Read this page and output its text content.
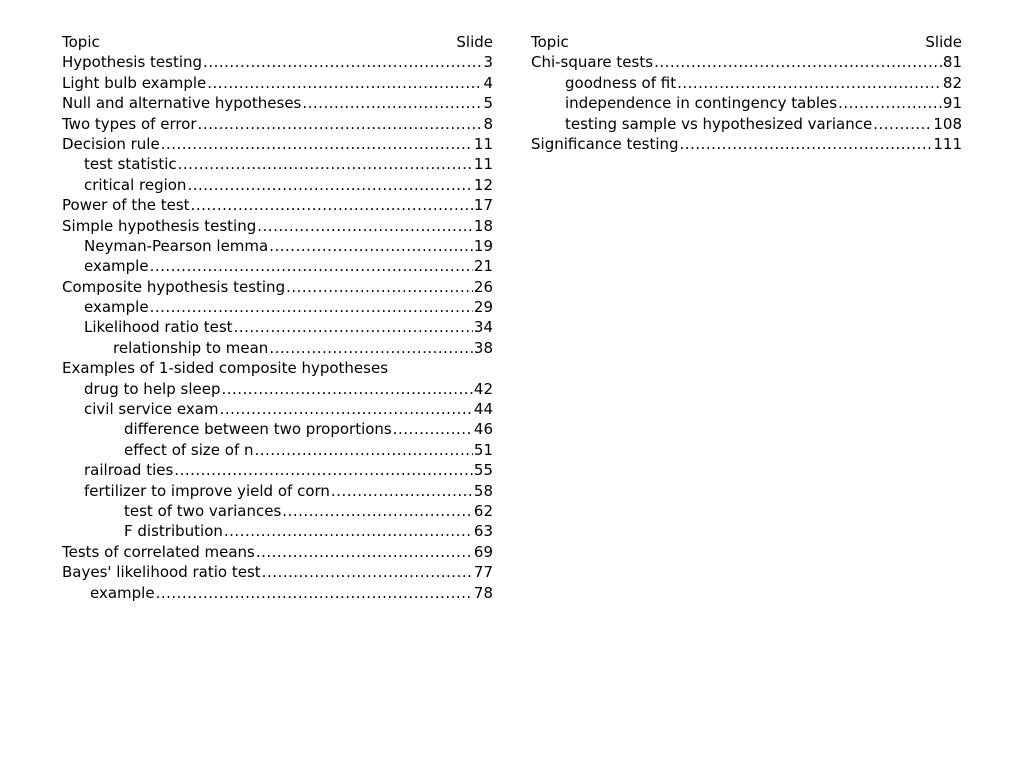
Topic	Slide
Hypothesis testing .....	3
Light bulb example .....	4
Null and alternative hypotheses .....	5
Two types of error .....	8
Decision rule .....	11
test statistic .....	11
critical region .....	12
Power of the test .....	17
Simple hypothesis testing .....	18
Neyman-Pearson lemma .....	19
example .....	21
Composite hypothesis testing .....	26
example .....	29
Likelihood ratio test .....	34
relationship to mean .....	38
Examples of 1-sided composite hypotheses
drug to help sleep .....	42
civil service exam .....	44
difference between two proportions .....	46
effect of size of n .....	51
railroad ties .....	55
fertilizer to improve yield of corn .....	58
test of two variances .....	62
F distribution .....	63
Tests of correlated means .....	69
Bayes' likelihood ratio test .....	77
example .....	78
Topic	Slide
Chi-square tests .....	81
goodness of fit .....	82
independence in contingency tables .....	91
testing sample vs hypothesized variance .....	108
Significance testing .....	111
